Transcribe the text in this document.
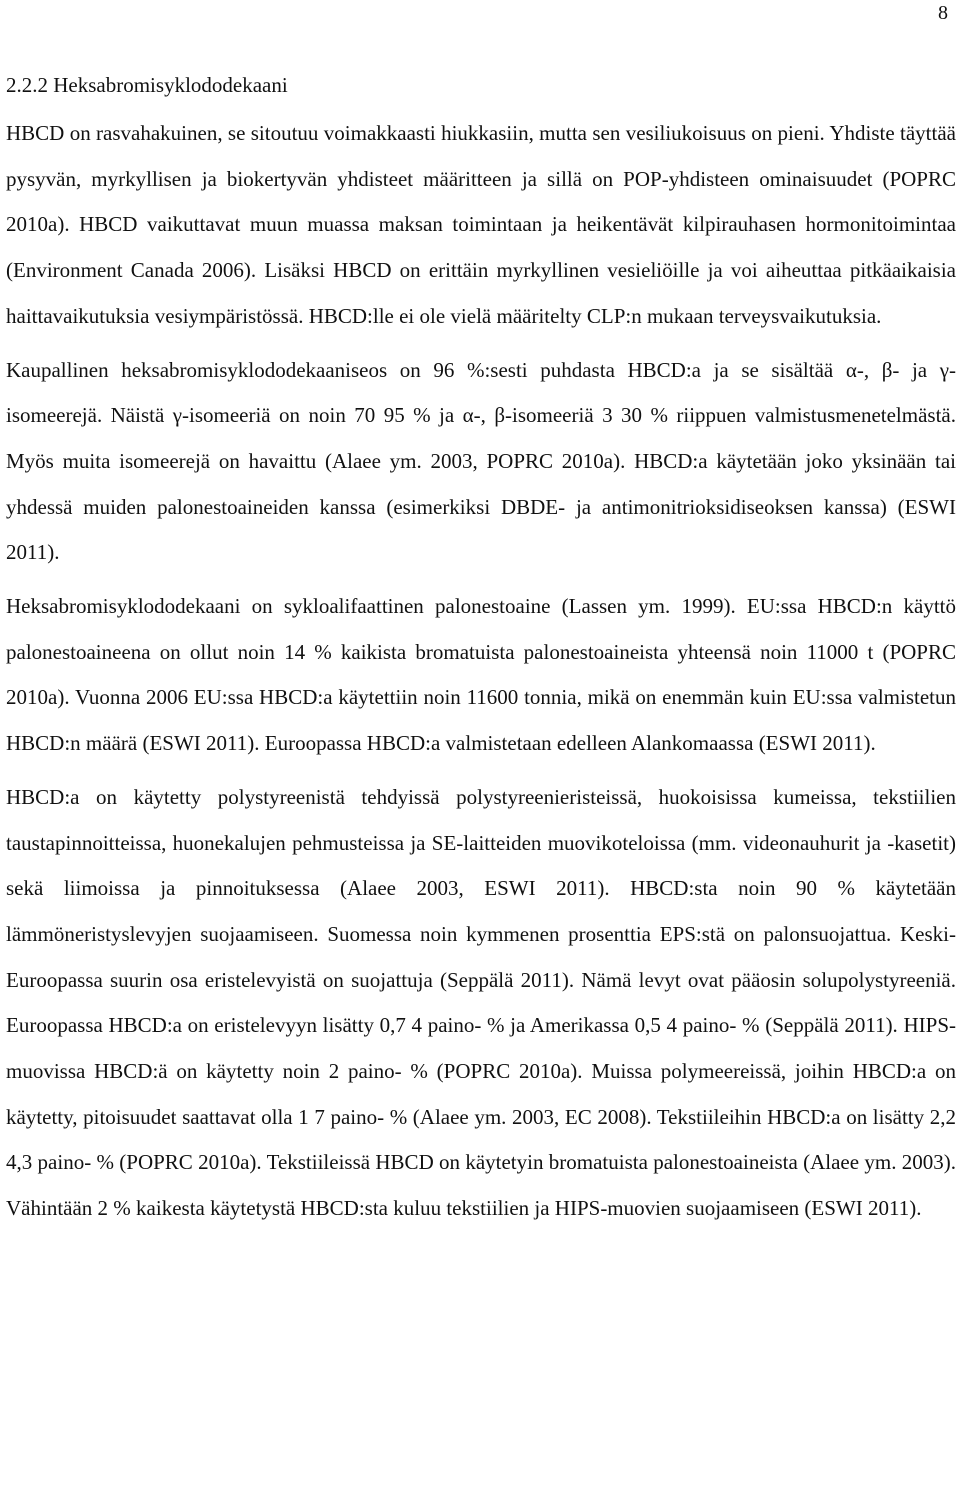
8
2.2.2 Heksabromisyklododekaani

HBCD on rasvahakuinen, se sitoutuu voimakkaasti hiukkasiin, mutta sen vesiliukoisuus on pieni. Yhdiste täyttää pysyvän, myrkyllisen ja biokertyvän yhdisteet määritteen ja sillä on POP-yhdisteen ominaisuudet (POPRC 2010a). HBCD vaikuttavat muun muassa maksan toimintaan ja heikentävät kilpirauhasen hormonitoimintaa (Environment Canada 2006). Lisäksi HBCD on erittäin myrkyllinen vesieliöille ja voi aiheuttaa pitkäaikaisia haittavaikutuksia vesiympäristössä. HBCD:lle ei ole vielä määritelty CLP:n mukaan terveysvaikutuksia.

Kaupallinen heksabromisyklododekaaniseos on 96 %:sesti puhdasta HBCD:a ja se sisältää α-, β- ja γ-isomeerejä. Näistä γ-isomeeriä on noin 70 95 % ja α-, β-isomeeriä 3 30 % riippuen valmistusmenetelmästä. Myös muita isomeerejä on havaittu (Alaee ym. 2003, POPRC 2010a). HBCD:a käytetään joko yksinään tai yhdessä muiden palonestoaineiden kanssa (esimerkiksi DBDE- ja antimonitrioksidiseoksen kanssa) (ESWI 2011).

Heksabromisyklododekaani on sykloalifaattinen palonestoaine (Lassen ym. 1999). EU:ssa HBCD:n käyttö palonestoaineena on ollut noin 14 % kaikista bromatuista palonestoaineista yhteensä noin 11000 t (POPRC 2010a). Vuonna 2006 EU:ssa HBCD:a käytettiin noin 11600 tonnia, mikä on enemmän kuin EU:ssa valmistetun HBCD:n määrä (ESWI 2011). Euroopassa HBCD:a valmistetaan edelleen Alankomaassa (ESWI 2011).

HBCD:a on käytetty polystyreenistä tehdyissä polystyreenieristeissä, huokoisissa kumeissa, tekstiilien taustapinnoitteissa, huonekalujen pehmusteissa ja SE-laitteiden muovikoteloissa (mm. videonauhurit ja -kasetit) sekä liimoissa ja pinnoituksessa (Alaee 2003, ESWI 2011). HBCD:sta noin 90 % käytetään lämmöneristyslevyjen suojaamiseen. Suomessa noin kymmenen prosenttia EPS:stä on palonsuojattua. Keski-Euroopassa suurin osa eristelevyistä on suojattuja (Seppälä 2011). Nämä levyt ovat pääosin solupolystyreeniä. Euroopassa HBCD:a on eristelevyyn lisätty 0,7 4 paino- % ja Amerikassa 0,5 4 paino- % (Seppälä 2011). HIPS-muovissa HBCD:ä on käytetty noin 2 paino- % (POPRC 2010a). Muissa polymeereissä, joihin HBCD:a on käytetty, pitoisuudet saattavat olla 1 7 paino- % (Alaee ym. 2003, EC 2008). Tekstiileihin HBCD:a on lisätty 2,2 4,3 paino- % (POPRC 2010a). Tekstiileissä HBCD on käytetyin bromatuista palonestoaineista (Alaee ym. 2003). Vähintään 2 % kaikesta käytetystä HBCD:sta kuluu tekstiilien ja HIPS-muovien suojaamiseen (ESWI 2011).
